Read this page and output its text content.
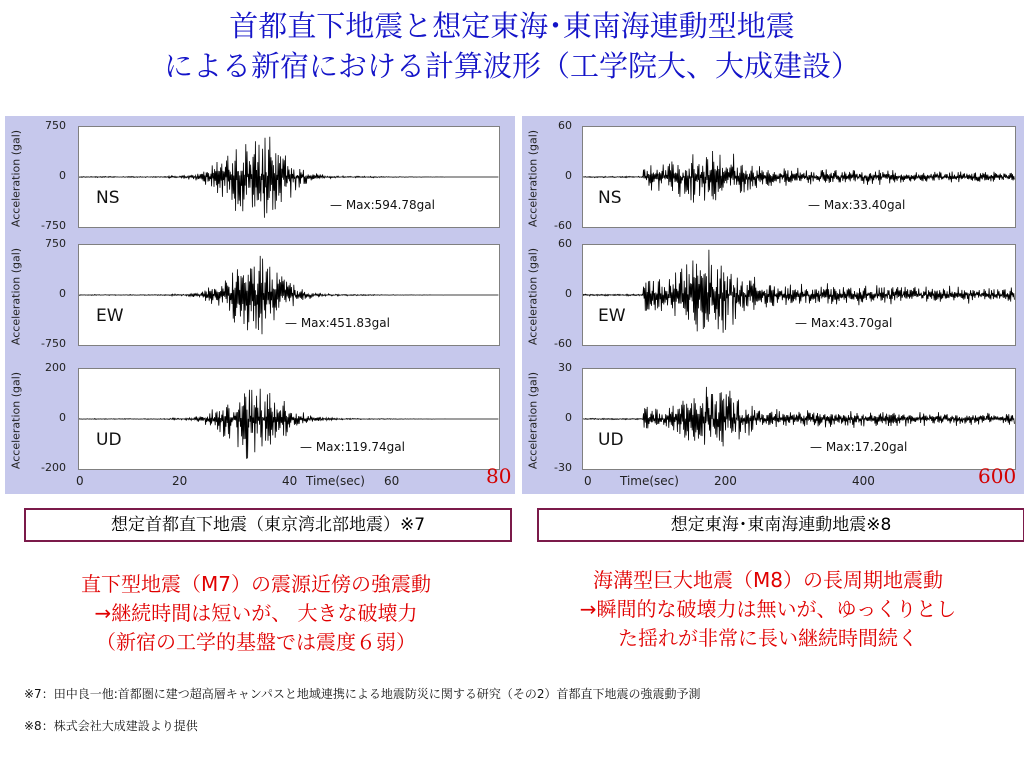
首都直下地震と想定東海･東南海連動型地震
による新宿における計算波形（工学院大、大成建設）
Acceleration (gal)
750
0
-750
NS	— Max:594.78gal
Acceleration (gal)
750
0
-750
EW	— Max:451.83gal
Acceleration (gal)
200
0
-200
UD	— Max:119.74gal
Acceleration (gal)
60
0
-60
NS	— Max:33.40gal
Acceleration (gal)
60
0
-60
EW	— Max:43.70gal
Acceleration (gal)
30
0
-30
UD	— Max:17.20gal
0	20	40 Time(sec) 60	80	0 Time(sec)	200	400	600
想定首都直下地震（東京湾北部地震）※7	想定東海･東南海連動地震※8
直下型地震（M7）の震源近傍の強震動
→継続時間は短いが、 大きな破壊力
（新宿の工学的基盤では震度６弱）
海溝型巨大地震（M8）の長周期地震動
→瞬間的な破壊力は無いが、ゆっくりとし
た揺れが非常に長い継続時間続く
※7：田中良一他:首都圏に建つ超高層キャンパスと地域連携による地震防災に関する研究（その2）首都直下地震の強震動予測
※8：株式会社大成建設より提供
